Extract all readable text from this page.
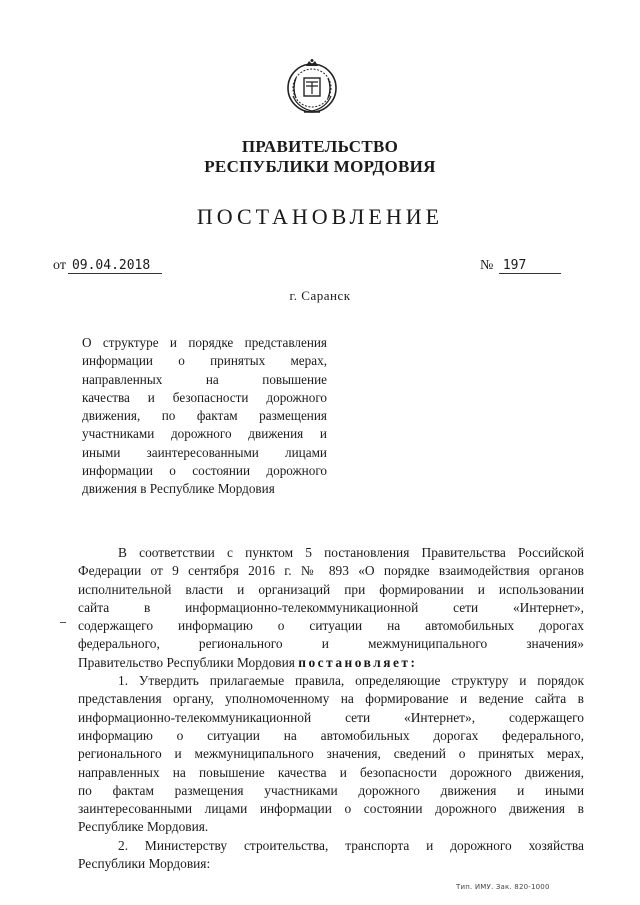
ПРАВИТЕЛЬСТВО
РЕСПУБЛИКИ МОРДОВИЯ
ПОСТАНОВЛЕНИЕ
от 09.04.2018	№ 197
г. Саранск
О структуре и порядке представления
информации о принятых мерах,
направленных на повышение
качества и безопасности дорожного
движения, по фактам размещения
участниками дорожного движения и
иными заинтересованными лицами
информации о состоянии дорожного
движения в Республике Мордовия
В соответствии с пунктом 5 постановления Правительства Российской
Федерации от 9 сентября 2016 г. № 893 «О порядке взаимодействия органов
исполнительной власти и организаций при формировании и использовании
сайта в информационно-телекоммуникационной сети «Интернет»,
содержащего информацию о ситуации на автомобильных дорогах
федерального, регионального и межмуниципального значения»
Правительство Республики Мордовия постановляет:
1. Утвердить прилагаемые правила, определяющие структуру и порядок
представления органу, уполномоченному на формирование и ведение сайта в
информационно-телекоммуникационной сети «Интернет», содержащего
информацию о ситуации на автомобильных дорогах федерального,
регионального и межмуниципального значения, сведений о принятых мерах,
направленных на повышение качества и безопасности дорожного движения,
по фактам размещения участниками дорожного движения и иными
заинтересованными лицами информации о состоянии дорожного движения в
Республике Мордовия.
2. Министерству строительства, транспорта и дорожного хозяйства
Республики Мордовия:
Тип. ИМУ. Зак. 820-1000
